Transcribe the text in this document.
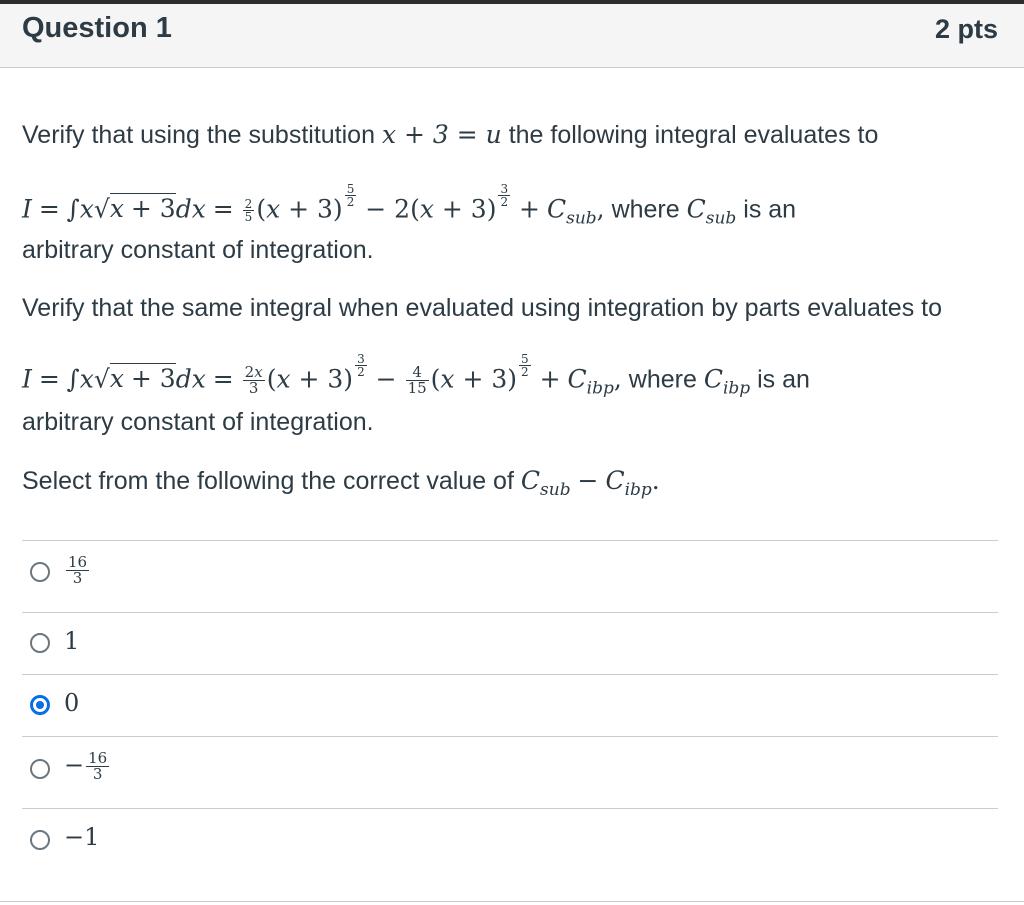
Question 1	2 pts
Verify that using the substitution x + 3 = u the following integral evaluates to
$I = \int x√x + 3dx = \frac{2}{5} (x + 3) \frac{5}{2} - 2(x + 3) \frac{3}{2} + C_{sub}$, where $C_{sub}$ is an
arbitrary constant of integration.
Verify that the same integral when evaluated using integration by parts evaluates to
$I = \int x√x + 3dx = \frac{2x}{3} (x + 3) \frac{3}{2} - \frac{4}{15} (x + 3) \frac{5}{2} + C_{ibp}$, where $C_{ibp}$ is an
arbitrary constant of integration.
Select from the following the correct value of $C_{sub} - C_{ibp}$.
$\frac{16}{3}$
1
0
− $\frac{16}{3}$
−1
